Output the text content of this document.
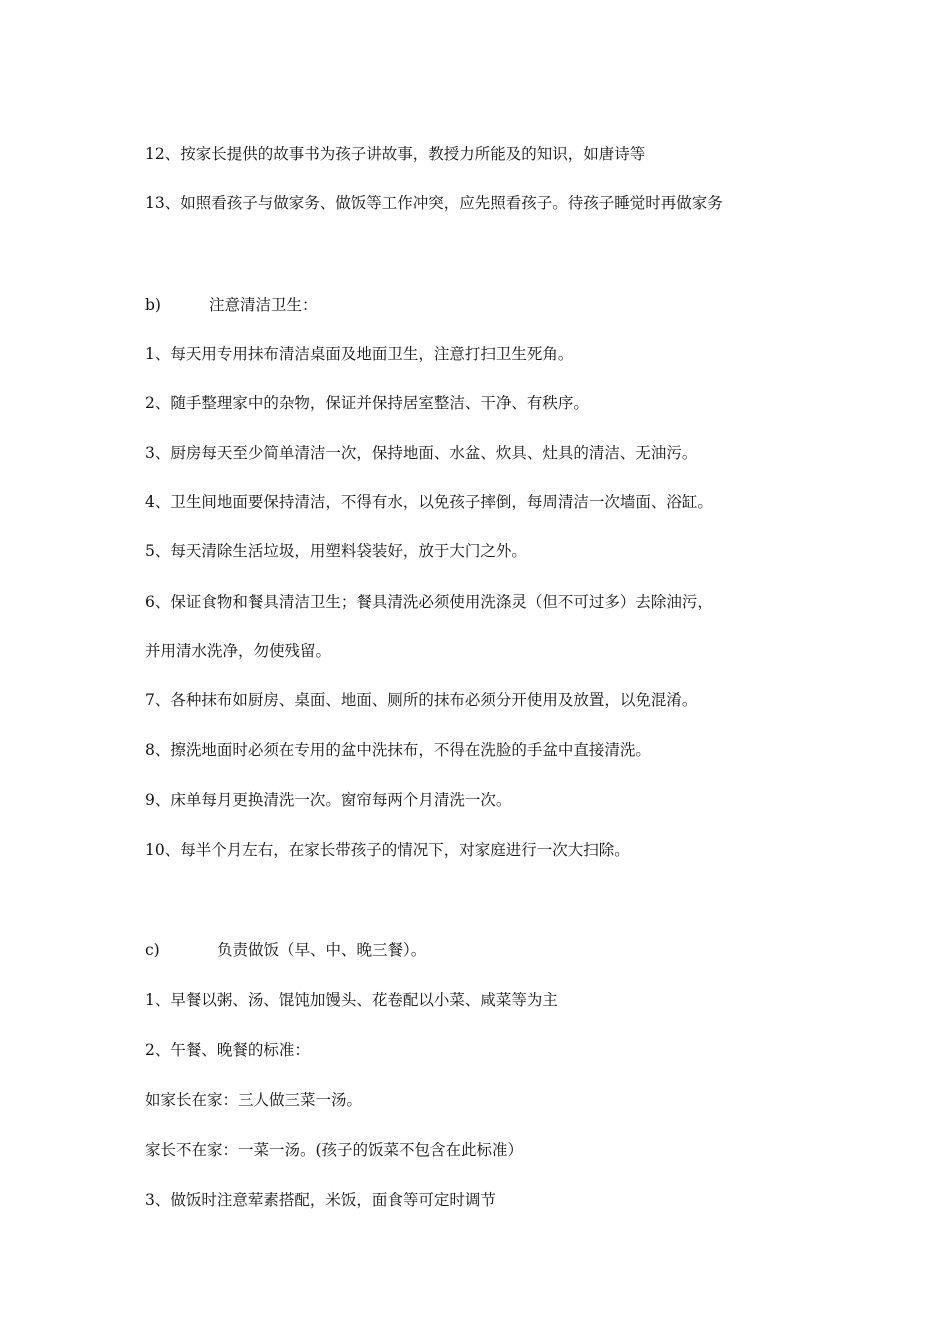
12、按家长提供的故事书为孩子讲故事，教授力所能及的知识，如唐诗等
13、如照看孩子与做家务、做饭等工作冲突，应先照看孩子。待孩子睡觉时再做家务
b)	注意清洁卫生：
1、每天用专用抹布清洁桌面及地面卫生，注意打扫卫生死角。
2、随手整理家中的杂物，保证并保持居室整洁、干净、有秩序。
3、厨房每天至少简单清洁一次，保持地面、水盆、炊具、灶具的清洁、无油污。
4、卫生间地面要保持清洁，不得有水，以免孩子摔倒，每周清洁一次墙面、浴缸。
5、每天清除生活垃圾，用塑料袋装好，放于大门之外。
6、保证食物和餐具清洁卫生；餐具清洗必须使用洗涤灵（但不可过多）去除油污，
并用清水洗净，勿使残留。
7、各种抹布如厨房、桌面、地面、厕所的抹布必须分开使用及放置，以免混淆。
8、擦洗地面时必须在专用的盆中洗抹布，不得在洗脸的手盆中直接清洗。
9、床单每月更换清洗一次。窗帘每两个月清洗一次。
10、每半个月左右，在家长带孩子的情况下，对家庭进行一次大扫除。
c)	负责做饭（早、中、晚三餐）。
1、早餐以粥、汤、馄饨加馒头、花卷配以小菜、咸菜等为主
2、午餐、晚餐的标准：
如家长在家：三人做三菜一汤。
家长不在家：一菜一汤。(孩子的饭菜不包含在此标准）
3、做饭时注意荤素搭配，米饭，面食等可定时调节
